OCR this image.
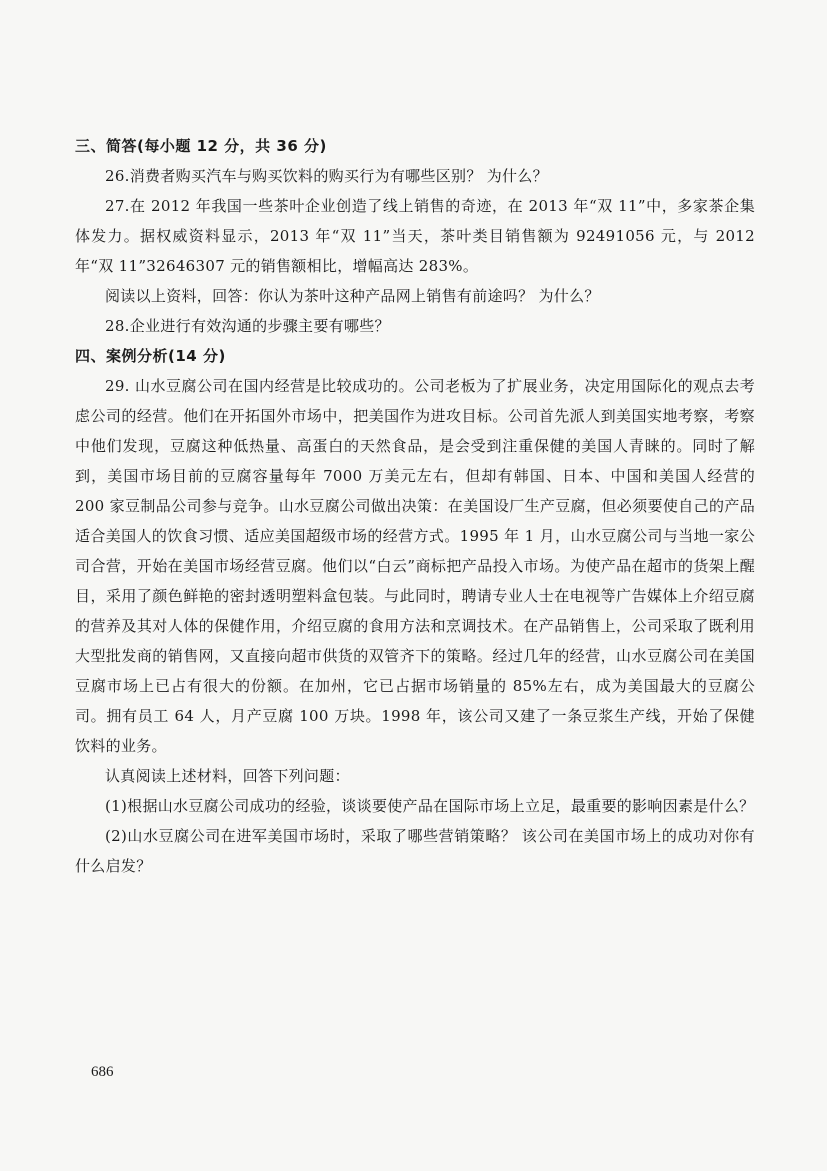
三、简答(每小题 12 分，共 36 分)

26.消费者购买汽车与购买饮料的购买行为有哪些区别？ 为什么？

27.在 2012 年我国一些茶叶企业创造了线上销售的奇迹，在 2013 年“双 11”中，多家茶企集体发力。据权威资料显示，2013 年“双 11”当天，茶叶类目销售额为 92491056 元，与 2012 年“双 11”32646307 元的销售额相比，增幅高达 283%。

阅读以上资料，回答：你认为茶叶这种产品网上销售有前途吗？ 为什么？

28.企业进行有效沟通的步骤主要有哪些？

四、案例分析(14 分)

29. 山水豆腐公司在国内经营是比较成功的。公司老板为了扩展业务，决定用国际化的观点去考虑公司的经营。他们在开拓国外市场中，把美国作为进攻目标。公司首先派人到美国实地考察，考察中他们发现，豆腐这种低热量、高蛋白的天然食品，是会受到注重保健的美国人青睐的。同时了解到，美国市场目前的豆腐容量每年 7000 万美元左右，但却有韩国、日本、中国和美国人经营的 200 家豆制品公司参与竞争。山水豆腐公司做出决策：在美国设厂生产豆腐，但必须要使自己的产品适合美国人的饮食习惯、适应美国超级市场的经营方式。1995 年 1 月，山水豆腐公司与当地一家公司合营，开始在美国市场经营豆腐。他们以“白云”商标把产品投入市场。为使产品在超市的货架上醒目，采用了颜色鲜艳的密封透明塑料盒包装。与此同时，聘请专业人士在电视等广告媒体上介绍豆腐的营养及其对人体的保健作用，介绍豆腐的食用方法和烹调技术。在产品销售上，公司采取了既利用大型批发商的销售网，又直接向超市供货的双管齐下的策略。经过几年的经营，山水豆腐公司在美国豆腐市场上已占有很大的份额。在加州，它已占据市场销量的 85%左右，成为美国最大的豆腐公司。拥有员工 64 人，月产豆腐 100 万块。1998 年，该公司又建了一条豆浆生产线，开始了保健饮料的业务。

认真阅读上述材料，回答下列问题：

(1)根据山水豆腐公司成功的经验，谈谈要使产品在国际市场上立足，最重要的影响因素是什么？

(2)山水豆腐公司在进军美国市场时，采取了哪些营销策略？ 该公司在美国市场上的成功对你有什么启发？

686
